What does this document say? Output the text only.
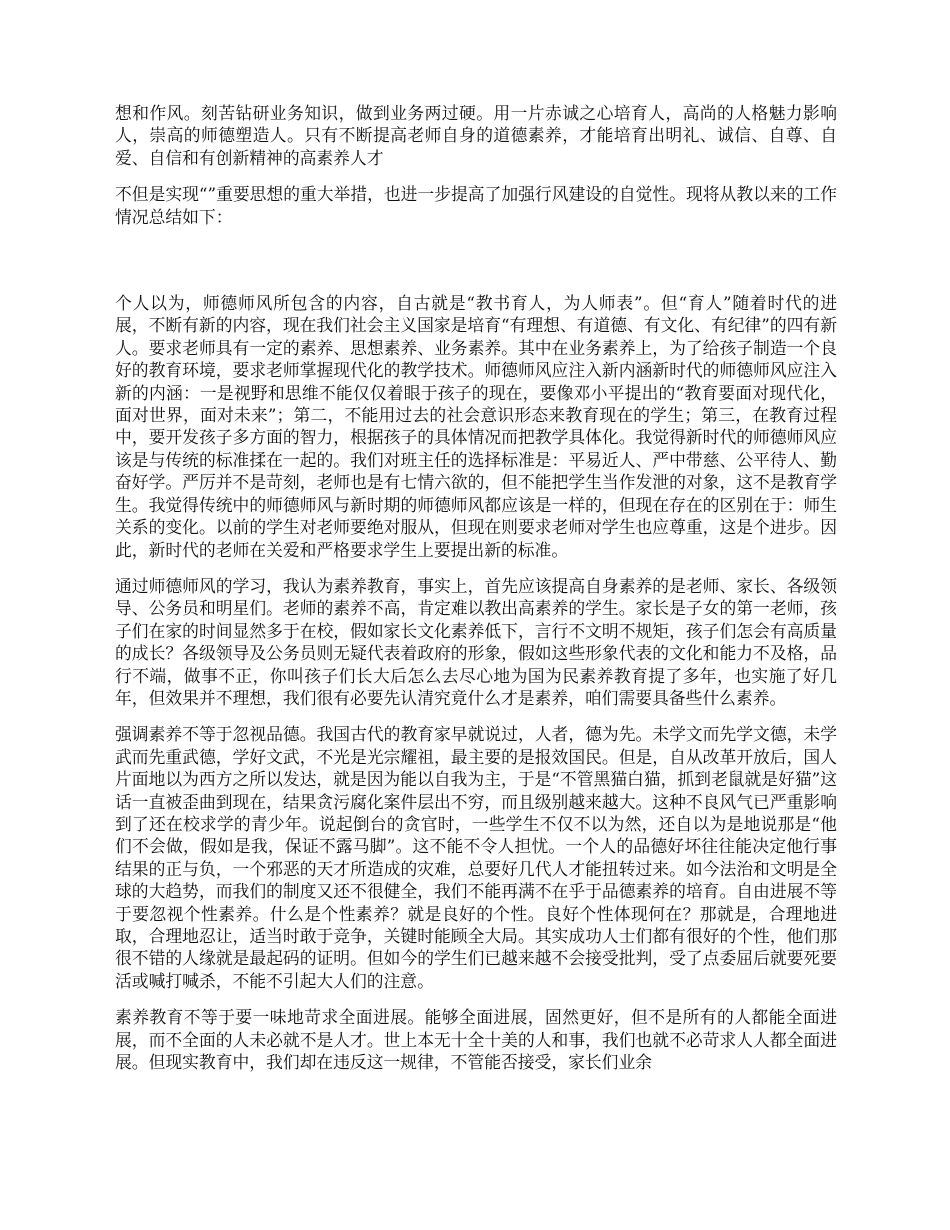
想和作风。刻苦钻研业务知识，做到业务两过硬。用一片赤诚之心培育人，高尚的人格魅力影响人，崇高的师德塑造人。只有不断提高老师自身的道德素养，才能培育出明礼、诚信、自尊、自爱、自信和有创新精神的高素养人才

不但是实现“”重要思想的重大举措，也进一步提高了加强行风建设的自觉性。现将从教以来的工作情况总结如下：

个人以为，师德师风所包含的内容，自古就是“教书育人，为人师表”。但“育人”随着时代的进展，不断有新的内容，现在我们社会主义国家是培育“有理想、有道德、有文化、有纪律”的四有新人。要求老师具有一定的素养、思想素养、业务素养。其中在业务素养上，为了给孩子制造一个良好的教育环境，要求老师掌握现代化的教学技术。师德师风应注入新内涵新时代的师德师风应注入新的内涵：一是视野和思维不能仅仅着眼于孩子的现在，要像邓小平提出的“教育要面对现代化，面对世界，面对未来”；第二，不能用过去的社会意识形态来教育现在的学生；第三，在教育过程中，要开发孩子多方面的智力，根据孩子的具体情况而把教学具体化。我觉得新时代的师德师风应该是与传统的标准揉在一起的。我们对班主任的选择标准是：平易近人、严中带慈、公平待人、勤奋好学。严厉并不是苛刻，老师也是有七情六欲的，但不能把学生当作发泄的对象，这不是教育学生。我觉得传统中的师德师风与新时期的师德师风都应该是一样的，但现在存在的区别在于：师生关系的变化。以前的学生对老师要绝对服从，但现在则要求老师对学生也应尊重，这是个进步。因此，新时代的老师在关爱和严格要求学生上要提出新的标准。

通过师德师风的学习，我认为素养教育，事实上，首先应该提高自身素养的是老师、家长、各级领导、公务员和明星们。老师的素养不高，肯定难以教出高素养的学生。家长是子女的第一老师，孩子们在家的时间显然多于在校，假如家长文化素养低下，言行不文明不规矩，孩子们怎会有高质量的成长？各级领导及公务员则无疑代表着政府的形象，假如这些形象代表的文化和能力不及格，品行不端，做事不正，你叫孩子们长大后怎么去尽心地为国为民素养教育提了多年，也实施了好几年，但效果并不理想，我们很有必要先认清究竟什么才是素养，咱们需要具备些什么素养。

强调素养不等于忽视品德。我国古代的教育家早就说过，人者，德为先。未学文而先学文德，未学武而先重武德，学好文武，不光是光宗耀祖，最主要的是报效国民。但是，自从改革开放后，国人片面地以为西方之所以发达，就是因为能以自我为主，于是“不管黑猫白猫，抓到老鼠就是好猫”这话一直被歪曲到现在，结果贪污腐化案件层出不穷，而且级别越来越大。这种不良风气已严重影响到了还在校求学的青少年。说起倒台的贪官时，一些学生不仅不以为然，还自以为是地说那是“他们不会做，假如是我，保证不露马脚”。这不能不令人担忧。一个人的品德好坏往往能决定他行事结果的正与负，一个邪恶的天才所造成的灾难，总要好几代人才能扭转过来。如今法治和文明是全球的大趋势，而我们的制度又还不很健全，我们不能再满不在乎于品德素养的培育。自由进展不等于要忽视个性素养。什么是个性素养？就是良好的个性。良好个性体现何在？那就是，合理地进取，合理地忍让，适当时敢于竞争，关键时能顾全大局。其实成功人士们都有很好的个性，他们那很不错的人缘就是最起码的证明。但如今的学生们已越来越不会接受批判，受了点委屈后就要死要活或喊打喊杀，不能不引起大人们的注意。

素养教育不等于要一味地苛求全面进展。能够全面进展，固然更好，但不是所有的人都能全面进展，而不全面的人未必就不是人才。世上本无十全十美的人和事，我们也就不必苛求人人都全面进展。但现实教育中，我们却在违反这一规律，不管能否接受，家长们业余
